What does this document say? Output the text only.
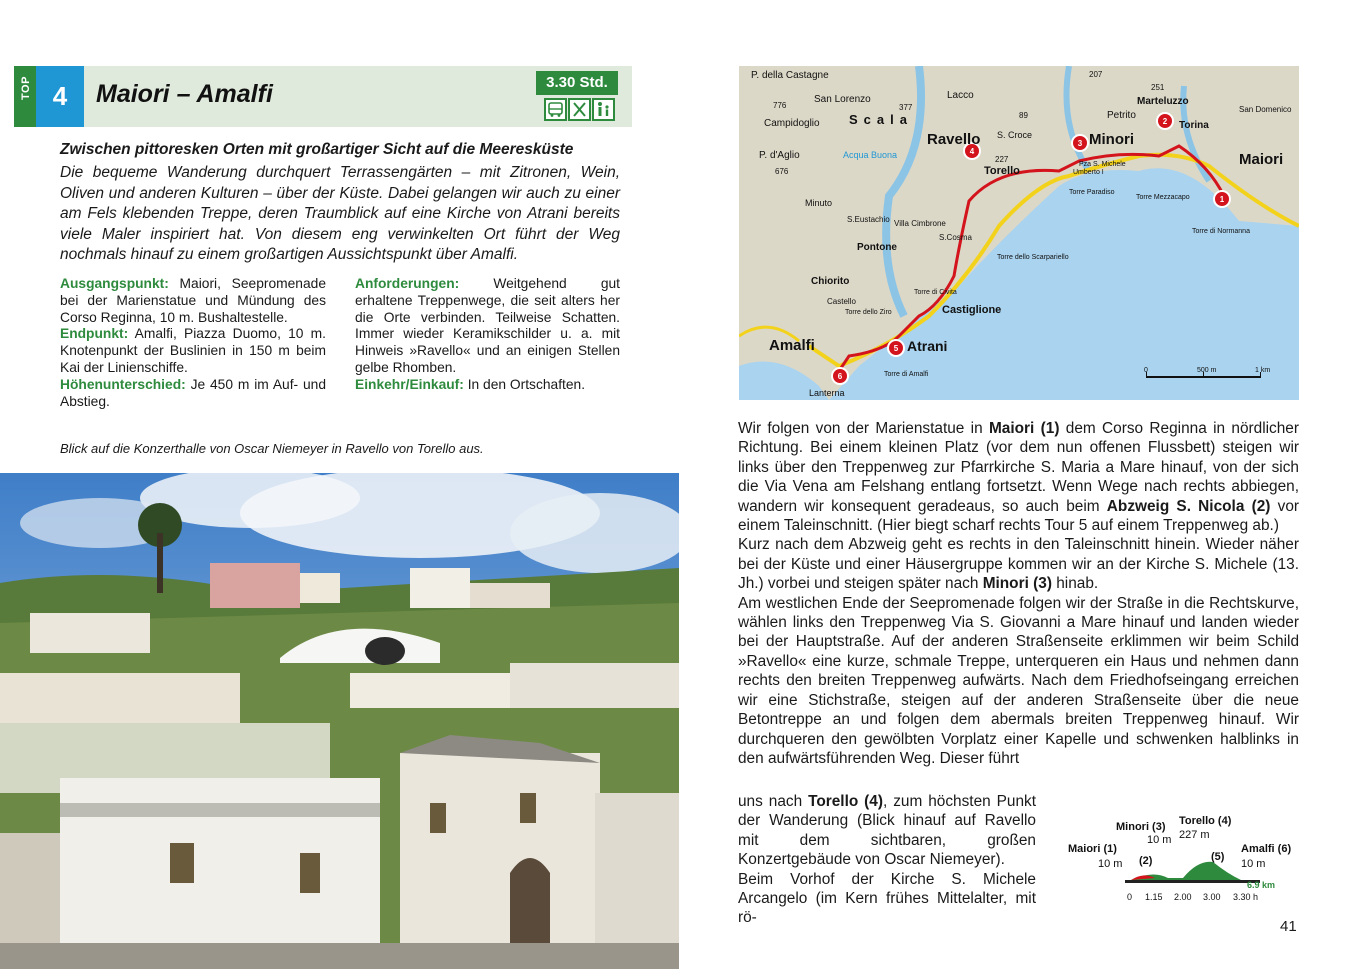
TOP 4	Maiori – Amalfi	3.30 Std.
Zwischen pittoresken Orten mit großartiger Sicht auf die Meeresküste
Die bequeme Wanderung durchquert Terrassengärten – mit Zitronen, Wein, Oliven und anderen Kulturen – über der Küste. Dabei gelangen wir auch zu einer am Fels klebenden Treppe, deren Traumblick auf eine Kirche von Atrani bereits viele Maler inspiriert hat. Von diesem eng verwinkelten Ort führt der Weg nochmals hinauf zu einem großartigen Aussichtspunkt über Amalfi.
Ausgangspunkt: Maiori, Seepromenade bei der Marienstatue und Mündung des Corso Reginna, 10 m. Bushaltestelle.
Endpunkt: Amalfi, Piazza Duomo, 10 m. Knotenpunkt der Buslinien in 150 m beim Kai der Linienschiffe.
Höhenunterschied: Je 450 m im Auf- und Abstieg.
Anforderungen: Weitgehend gut erhaltene Treppenwege, die seit alters her die Orte verbinden. Teilweise Schatten. Immer wieder Keramikschilder u. a. mit Hinweis »Ravello« und an einigen Stellen gelbe Rhomben.
Einkehr/Einkauf: In den Ortschaften.
Blick auf die Konzerthalle von Oscar Niemeyer in Ravello von Torello aus.
1
2
3
4
5
6
P. della Castagne
San Lorenzo
Campidoglio Scala
Lacco
Petrito
Marteluzzo
Torina
San Domenico
P. d'Aglio	Acqua Buona
Ravello S. Croce
Torello
Minori
Pza S. Michele
Umberto I
Maiori
Torre Paradiso
Torre Mezzacapo
Torre di Normanna
Minuto
S.Eustachio Villa Cimbrone
S.Cosma
Pontone
Torre dello Scarpariello
Chiorito
Castello
Torre di Civita
Torre dello Ziro	Castiglione
Amalfi	Atrani
Torre di Amalfi
Lanterna
207
251
89
776	377
676
227
0	500 m	1 km
Wir folgen von der Marienstatue in Maiori (1) dem Corso Reginna in nördlicher Richtung. Bei einem kleinen Platz (vor dem nun offenen Flussbett) steigen wir links über den Treppenweg zur Pfarrkirche S. Maria a Mare hinauf, von der sich die Via Vena am Felshang entlang fortsetzt. Wenn Wege nach rechts abbiegen, wandern wir konsequent geradeaus, so auch beim Abzweig S. Nicola (2) vor einem Taleinschnitt. (Hier biegt scharf rechts Tour 5 auf einem Treppenweg ab.)
Kurz nach dem Abzweig geht es rechts in den Taleinschnitt hinein. Wieder näher bei der Küste und einer Häusergruppe kommen wir an der Kirche S. Michele (13. Jh.) vorbei und steigen später nach Minori (3) hinab.
Am westlichen Ende der Seepromenade folgen wir der Straße in die Rechtskurve, wählen links den Treppenweg Via S. Giovanni a Mare hinauf und landen wieder bei der Hauptstraße. Auf der anderen Straßenseite erklimmen wir beim Schild »Ravello« eine kurze, schmale Treppe, unterqueren ein Haus und nehmen dann rechts den breiten Treppenweg aufwärts. Nach dem Friedhofseingang erreichen wir eine Stichstraße, steigen auf der anderen Straßenseite über die neue Betontreppe an und folgen dem abermals breiten Treppenweg hinauf. Wir durchqueren den gewölbten Vorplatz einer Kapelle und schwenken halblinks in den aufwärtsführenden Weg. Dieser führt
uns nach Torello (4), zum höchsten Punkt der Wanderung (Blick hinauf auf Ravello mit dem sichtbaren, großen Konzertgebäude von Oscar Niemeyer).
Beim Vorhof der Kirche S. Michele Arcangelo (im Kern frühes Mittelalter, mit rö-
Maiori (1)
10 m (2)
Minori (3)
10 m
Torello (4)
227 m
(5)
Amalfi (6)
10 m
6.9 km
0 1.15 2.00 3.00 3.30 h
41
